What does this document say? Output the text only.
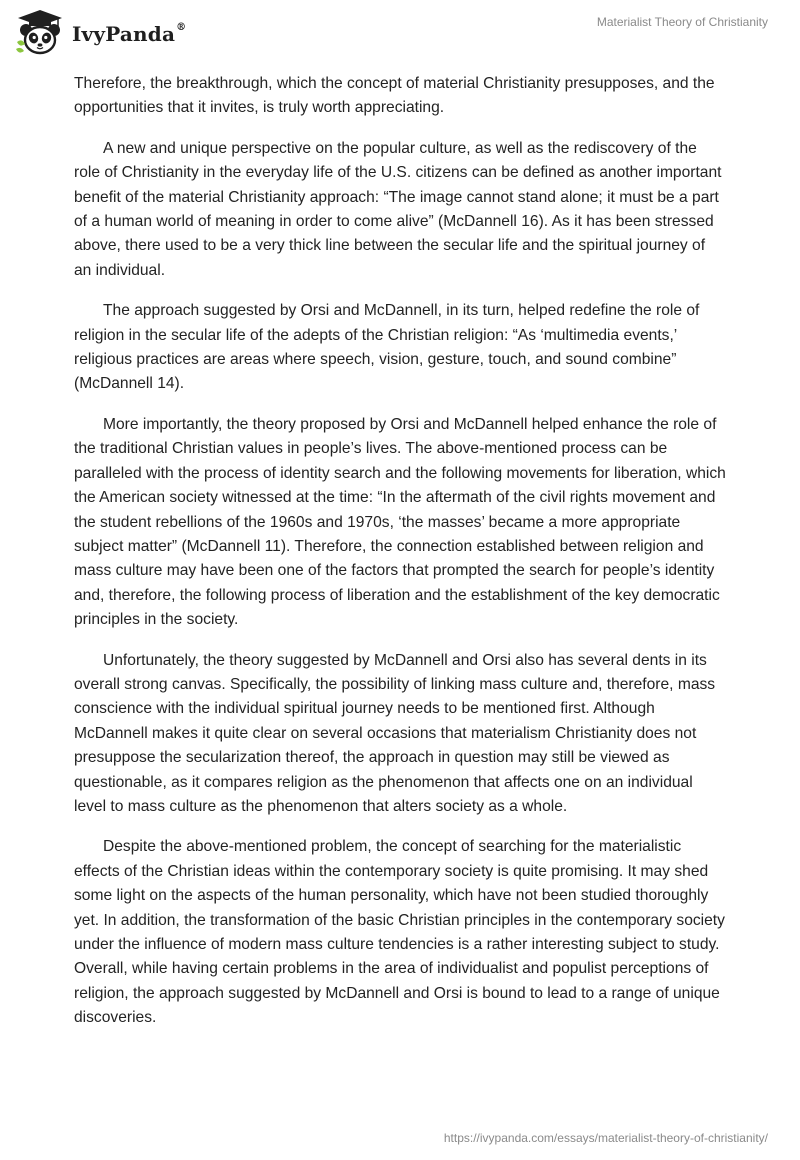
IvyPanda®	Materialist Theory of Christianity

Therefore, the breakthrough, which the concept of material Christianity presupposes, and the opportunities that it invites, is truly worth appreciating.

A new and unique perspective on the popular culture, as well as the rediscovery of the role of Christianity in the everyday life of the U.S. citizens can be defined as another important benefit of the material Christianity approach: “The image cannot stand alone; it must be a part of a human world of meaning in order to come alive” (McDannell 16). As it has been stressed above, there used to be a very thick line between the secular life and the spiritual journey of an individual.

The approach suggested by Orsi and McDannell, in its turn, helped redefine the role of religion in the secular life of the adepts of the Christian religion: “As ‘multimedia events,’ religious practices are areas where speech, vision, gesture, touch, and sound combine” (McDannell 14).

More importantly, the theory proposed by Orsi and McDannell helped enhance the role of the traditional Christian values in people’s lives. The above-mentioned process can be paralleled with the process of identity search and the following movements for liberation, which the American society witnessed at the time: “In the aftermath of the civil rights movement and the student rebellions of the 1960s and 1970s, ‘the masses’ became a more appropriate subject matter” (McDannell 11). Therefore, the connection established between religion and mass culture may have been one of the factors that prompted the search for people’s identity and, therefore, the following process of liberation and the establishment of the key democratic principles in the society.

Unfortunately, the theory suggested by McDannell and Orsi also has several dents in its overall strong canvas. Specifically, the possibility of linking mass culture and, therefore, mass conscience with the individual spiritual journey needs to be mentioned first. Although McDannell makes it quite clear on several occasions that materialism Christianity does not presuppose the secularization thereof, the approach in question may still be viewed as questionable, as it compares religion as the phenomenon that affects one on an individual level to mass culture as the phenomenon that alters society as a whole.

Despite the above-mentioned problem, the concept of searching for the materialistic effects of the Christian ideas within the contemporary society is quite promising. It may shed some light on the aspects of the human personality, which have not been studied thoroughly yet. In addition, the transformation of the basic Christian principles in the contemporary society under the influence of modern mass culture tendencies is a rather interesting subject to study. Overall, while having certain problems in the area of individualist and populist perceptions of religion, the approach suggested by McDannell and Orsi is bound to lead to a range of unique discoveries.

https://ivypanda.com/essays/materialist-theory-of-christianity/
